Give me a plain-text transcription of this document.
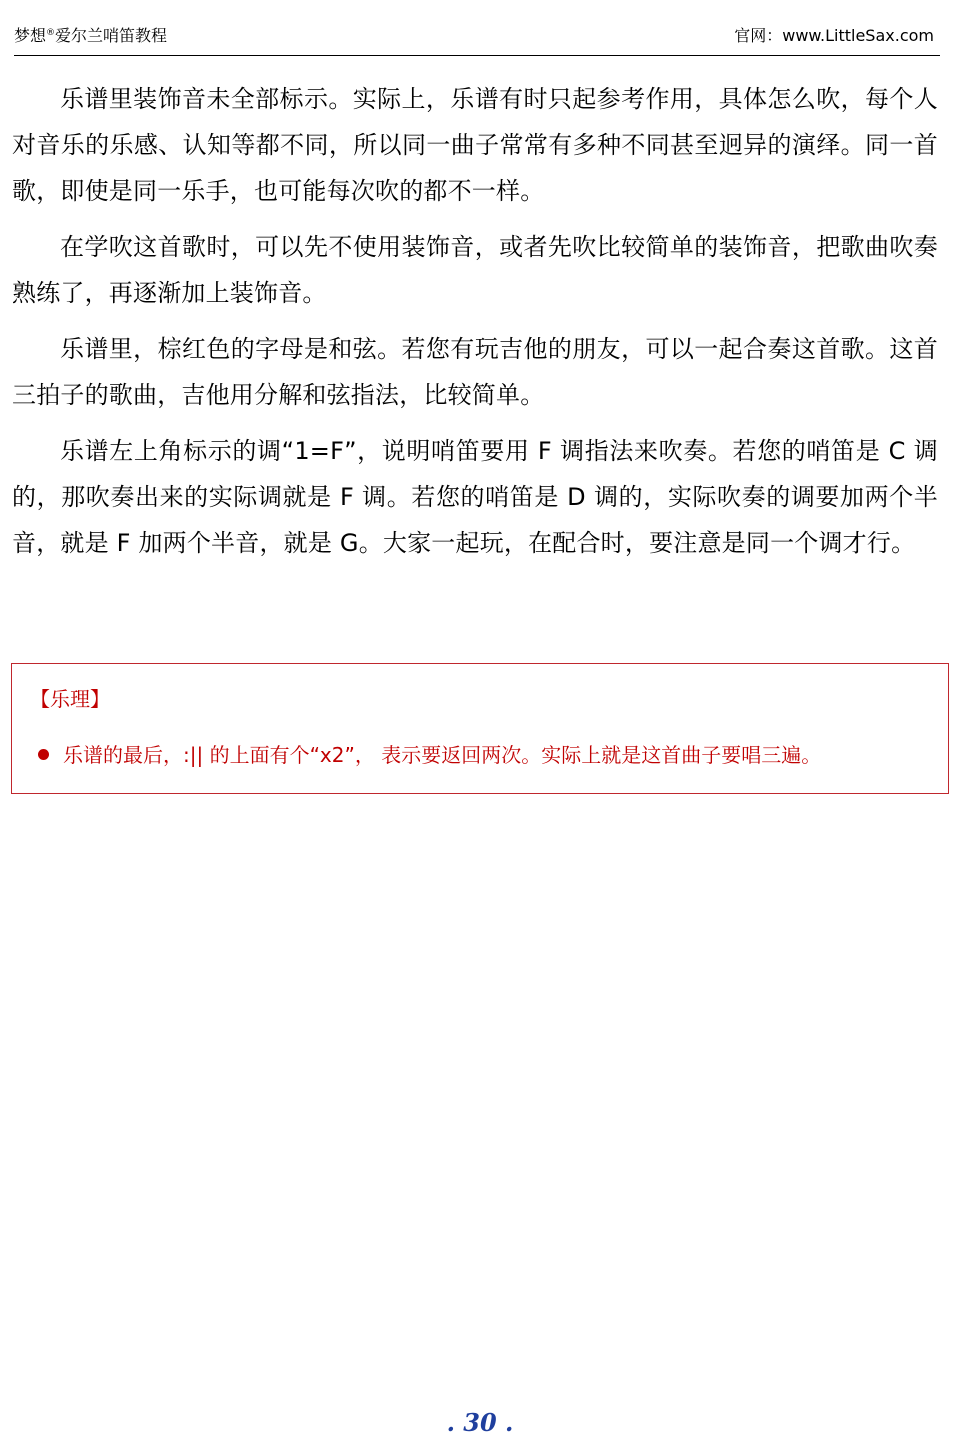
梦想®爱尔兰哨笛教程	官网：www.LittleSax.com

乐谱里装饰音未全部标示。实际上，乐谱有时只起参考作用，具体怎么吹，每个人对音乐的乐感、认知等都不同，所以同一曲子常常有多种不同甚至迥异的演绎。同一首歌，即使是同一乐手，也可能每次吹的都不一样。

在学吹这首歌时，可以先不使用装饰音，或者先吹比较简单的装饰音，把歌曲吹奏熟练了，再逐渐加上装饰音。

乐谱里，棕红色的字母是和弦。若您有玩吉他的朋友，可以一起合奏这首歌。这首三拍子的歌曲，吉他用分解和弦指法，比较简单。

乐谱左上角标示的调“1=F”，说明哨笛要用 F 调指法来吹奏。若您的哨笛是 C 调的，那吹奏出来的实际调就是 F 调。若您的哨笛是 D 调的，实际吹奏的调要加两个半音，就是 F 加两个半音，就是 G。大家一起玩，在配合时，要注意是同一个调才行。

【乐理】
乐谱的最后，:|| 的上面有个“x2”， 表示要返回两次。实际上就是这首曲子要唱三遍。
. 30 .
